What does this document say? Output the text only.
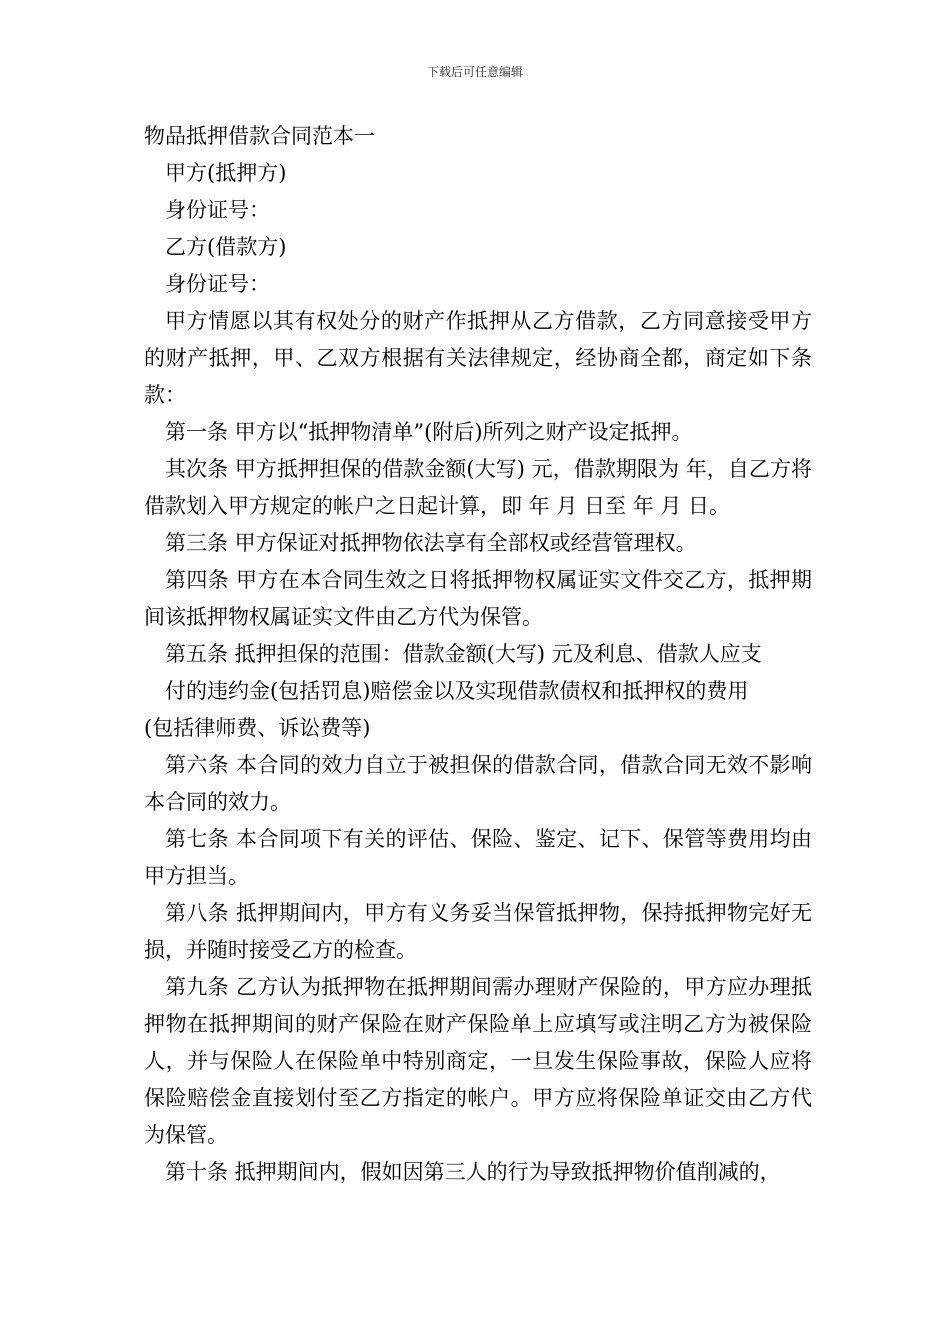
下载后可任意编辑
物品抵押借款合同范本一

甲方(抵押方)

身份证号：

乙方(借款方)

身份证号：

甲方情愿以其有权处分的财产作抵押从乙方借款，乙方同意接受甲方的财产抵押，甲、乙双方根据有关法律规定，经协商全都，商定如下条款：

第一条 甲方以“抵押物清单”(附后)所列之财产设定抵押。

其次条 甲方抵押担保的借款金额(大写) 元，借款期限为 年，自乙方将借款划入甲方规定的帐户之日起计算，即 年 月 日至 年 月 日。

第三条 甲方保证对抵押物依法享有全部权或经营管理权。

第四条 甲方在本合同生效之日将抵押物权属证实文件交乙方，抵押期间该抵押物权属证实文件由乙方代为保管。

第五条 抵押担保的范围：借款金额(大写) 元及利息、借款人应支

付的违约金(包括罚息)赔偿金以及实现借款债权和抵押权的费用

(包括律师费、诉讼费等)

第六条 本合同的效力自立于被担保的借款合同，借款合同无效不影响本合同的效力。

第七条 本合同项下有关的评估、保险、鉴定、记下、保管等费用均由甲方担当。

第八条 抵押期间内，甲方有义务妥当保管抵押物，保持抵押物完好无损，并随时接受乙方的检查。

第九条 乙方认为抵押物在抵押期间需办理财产保险的，甲方应办理抵押物在抵押期间的财产保险在财产保险单上应填写或注明乙方为被保险人，并与保险人在保险单中特别商定，一旦发生保险事故，保险人应将保险赔偿金直接划付至乙方指定的帐户。甲方应将保险单证交由乙方代为保管。

第十条 抵押期间内，假如因第三人的行为导致抵押物价值削减的，
